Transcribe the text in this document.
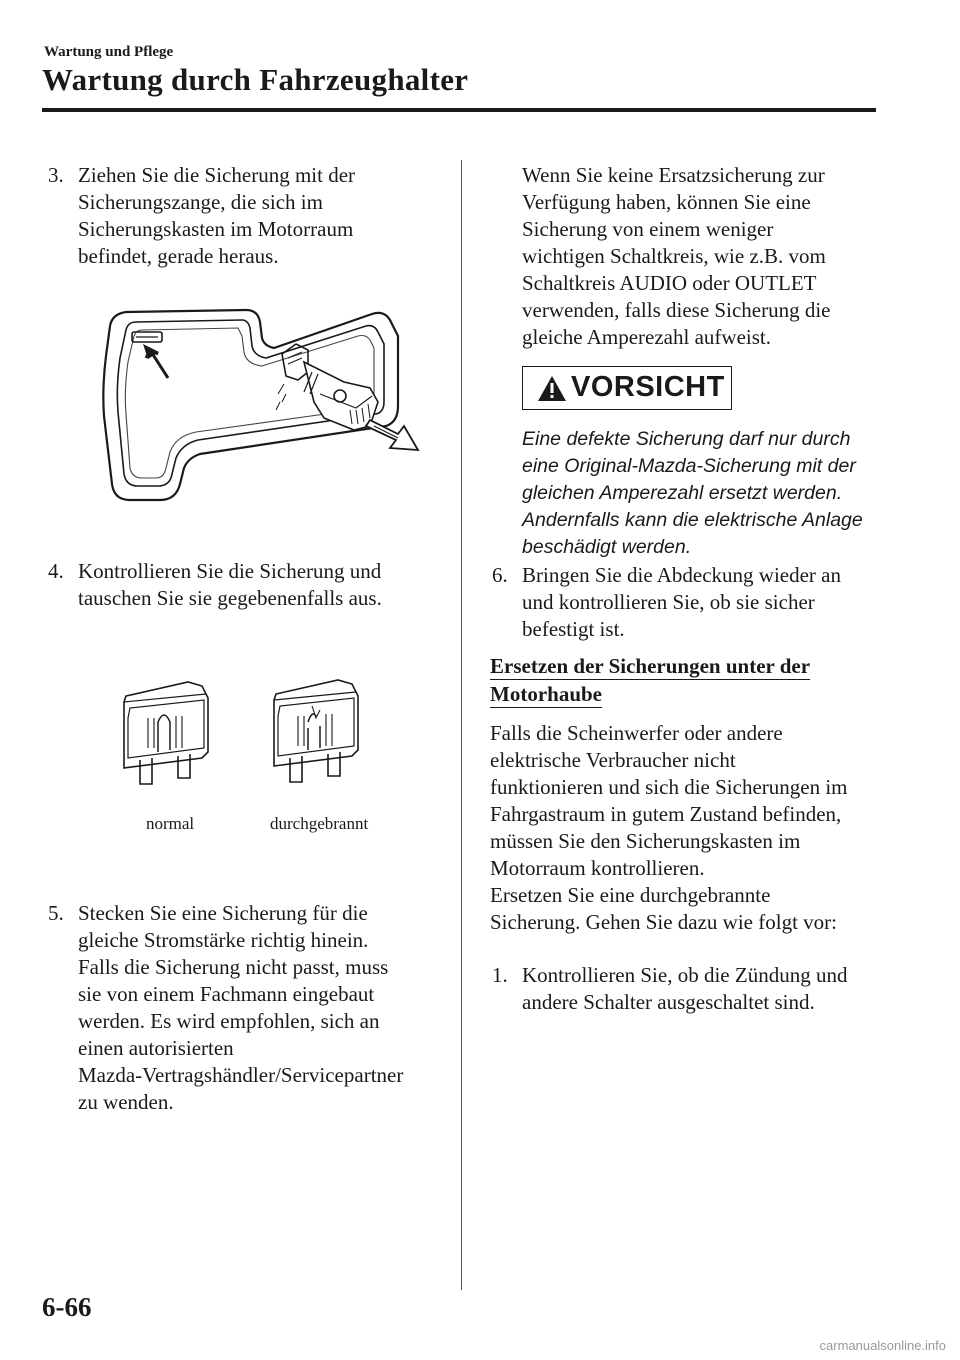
Wartung und Pflege
Wartung durch Fahrzeughalter
3. Ziehen Sie die Sicherung mit der
Sicherungszange, die sich im
Sicherungskasten im Motorraum
befindet, gerade heraus.
4. Kontrollieren Sie die Sicherung und
tauschen Sie sie gegebenenfalls aus.
normal	durchgebrannt
5. Stecken Sie eine Sicherung für die
gleiche Stromstärke richtig hinein.
Falls die Sicherung nicht passt, muss
sie von einem Fachmann eingebaut
werden. Es wird empfohlen, sich an
einen autorisierten
Mazda-Vertragshändler/Servicepartner
zu wenden.
Wenn Sie keine Ersatzsicherung zur
Verfügung haben, können Sie eine
Sicherung von einem weniger
wichtigen Schaltkreis, wie z.B. vom
Schaltkreis AUDIO oder OUTLET
verwenden, falls diese Sicherung die
gleiche Amperezahl aufweist.
VORSICHT
Eine defekte Sicherung darf nur durch
eine Original-Mazda-Sicherung mit der
gleichen Amperezahl ersetzt werden.
Andernfalls kann die elektrische Anlage
beschädigt werden.
6. Bringen Sie die Abdeckung wieder an
und kontrollieren Sie, ob sie sicher
befestigt ist.
Ersetzen der Sicherungen unter der
Motorhaube
Falls die Scheinwerfer oder andere
elektrische Verbraucher nicht
funktionieren und sich die Sicherungen im
Fahrgastraum in gutem Zustand befinden,
müssen Sie den Sicherungskasten im
Motorraum kontrollieren.
Ersetzen Sie eine durchgebrannte
Sicherung. Gehen Sie dazu wie folgt vor:
1. Kontrollieren Sie, ob die Zündung und
andere Schalter ausgeschaltet sind.
6-66
carmanualsonline.info
